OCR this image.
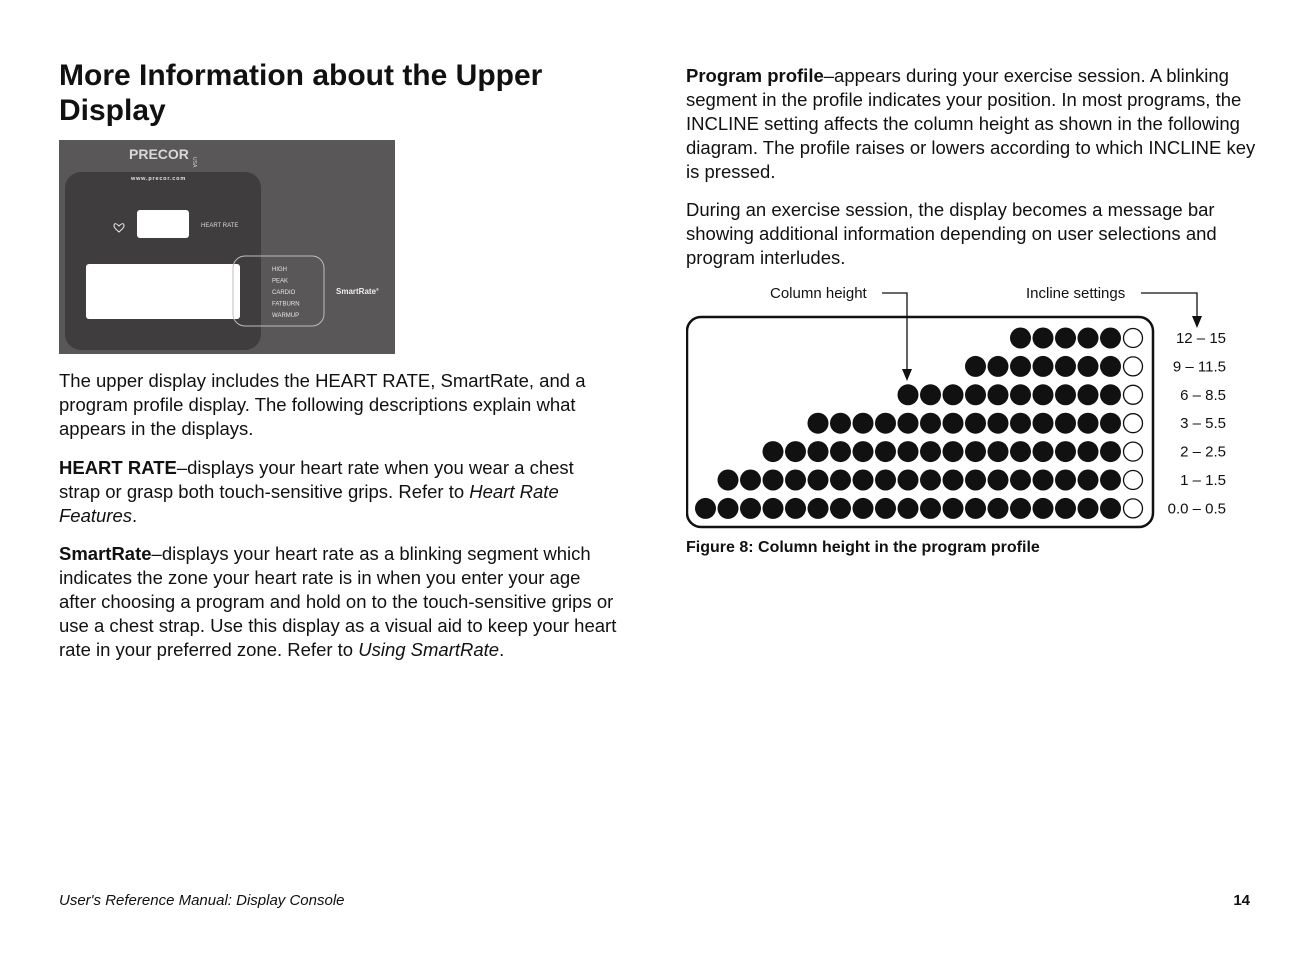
More Information about the Upper Display
PRECOR
USA
www.precor.com
HEART RATE
HIGH
PEAK
CARDIO
FATBURN
WARMUP
SmartRate®

The upper display includes the HEART RATE, SmartRate, and a program profile display. The following descriptions explain what appears in the displays.

HEART RATE–displays your heart rate when you wear a chest strap or grasp both touch-sensitive grips. Refer to Heart Rate Features.

SmartRate–displays your heart rate as a blinking segment which indicates the zone your heart rate is in when you enter your age after choosing a program and hold on to the touch-sensitive grips or use a chest strap. Use this display as a visual aid to keep your heart rate in your preferred zone. Refer to Using SmartRate.

Program profile–appears during your exercise session. A blinking segment in the profile indicates your position. In most programs, the INCLINE setting affects the column height as shown in the following diagram. The profile raises or lowers according to which INCLINE key is pressed.

During an exercise session, the display becomes a message bar showing additional information depending on user selections and program interludes.

Column height	Incline settings
12 – 15
9 – 11.5
6 – 8.5
3 – 5.5
2 – 2.5
1 – 1.5
0.0 – 0.5

Figure 8: Column height in the program profile

User's Reference Manual: Display Console	14
